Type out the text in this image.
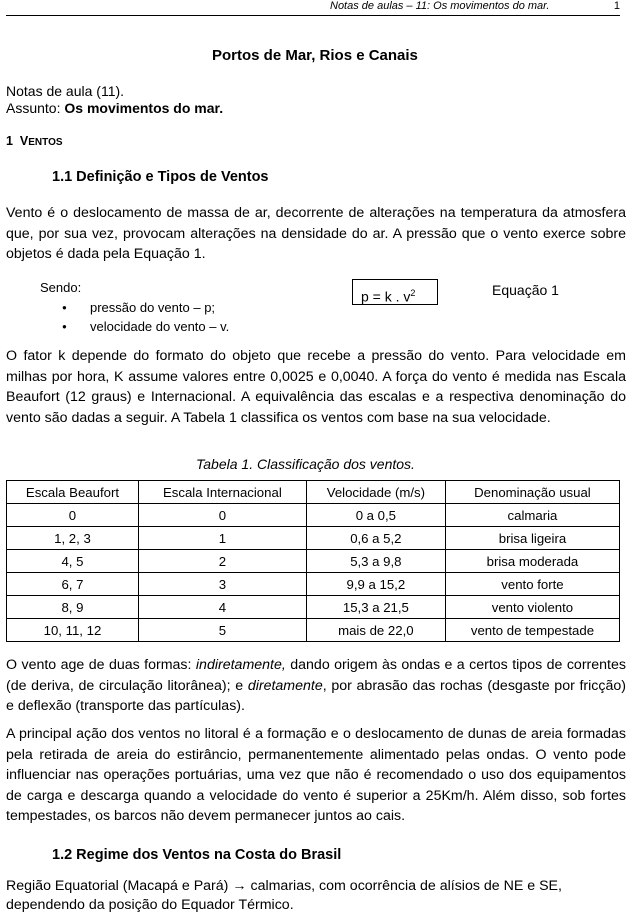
Notas de aulas – 11: Os movimentos do mar.	1
Portos de Mar, Rios e Canais
Notas de aula (11).
Assunto: Os movimentos do mar.
1 VENTOS
1.1 Definição e Tipos de Ventos
Vento é o deslocamento de massa de ar, decorrente de alterações na temperatura da atmosfera que, por sua vez, provocam alterações na densidade do ar. A pressão que o vento exerce sobre objetos é dada pela Equação 1.
Sendo:
● pressão do vento – p;
● velocidade do vento – v.
p = k . $v^2$	Equação 1
O fator k depende do formato do objeto que recebe a pressão do vento. Para velocidade em milhas por hora, K assume valores entre 0,0025 e 0,0040. A força do vento é medida nas Escala Beaufort (12 graus) e Internacional. A equivalência das escalas e a respectiva denominação do vento são dadas a seguir. A Tabela 1 classifica os ventos com base na sua velocidade.
Tabela 1. Classificação dos ventos.
Escala Beaufort	Escala Internacional	Velocidade (m/s)	Denominação usual
0	0	0 a 0,5	calmaria
1, 2, 3	1	0,6 a 5,2	brisa ligeira
4, 5	2	5,3 a 9,8	brisa moderada
6, 7	3	9,9 a 15,2	vento forte
8, 9	4	15,3 a 21,5	vento violento
10, 11, 12	5	mais de 22,0	vento de tempestade
O vento age de duas formas: indiretamente, dando origem às ondas e a certos tipos de correntes (de deriva, de circulação litorânea); e diretamente, por abrasão das rochas (desgaste por fricção) e deflexão (transporte das partículas).
A principal ação dos ventos no litoral é a formação e o deslocamento de dunas de areia formadas pela retirada de areia do estirâncio, permanentemente alimentado pelas ondas. O vento pode influenciar nas operações portuárias, uma vez que não é recomendado o uso dos equipamentos de carga e descarga quando a velocidade do vento é superior a 25Km/h. Além disso, sob fortes tempestades, os barcos não devem permanecer juntos ao cais.
1.2 Regime dos Ventos na Costa do Brasil
Região Equatorial (Macapá e Pará) → calmarias, com ocorrência de alísios de NE e SE,
dependendo da posição do Equador Térmico.
